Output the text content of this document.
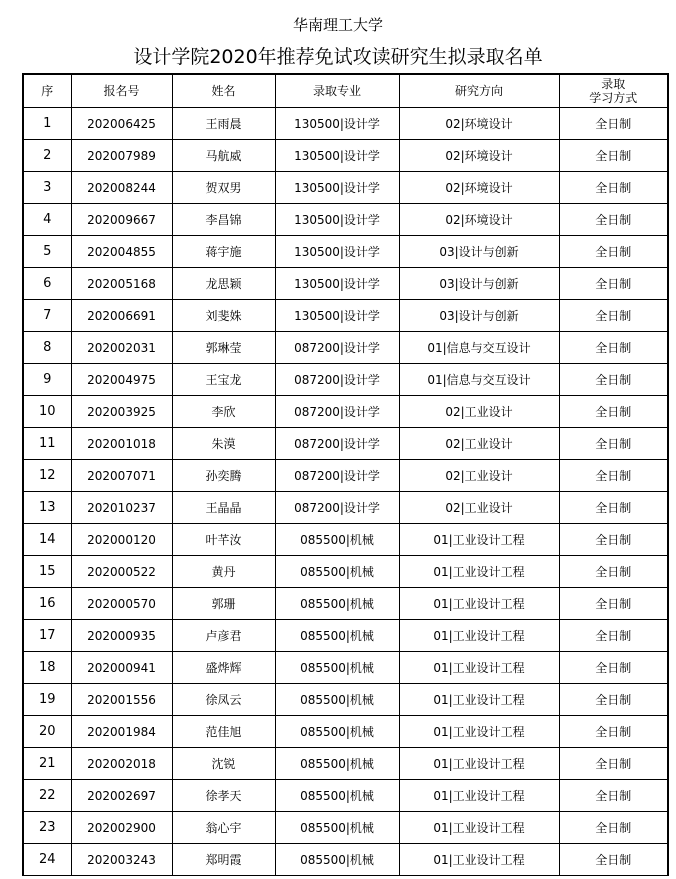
华南理工大学
设计学院2020年推荐免试攻读研究生拟录取名单
序	报名号	姓名	录取专业	研究方向	录取
学习方式

1	202006425	王雨晨	130500|设计学	02|环境设计	全日制
2	202007989	马航威	130500|设计学	02|环境设计	全日制
3	202008244	贺双男	130500|设计学	02|环境设计	全日制
4	202009667	李昌锦	130500|设计学	02|环境设计	全日制
5	202004855	蒋宇施	130500|设计学	03|设计与创新	全日制
6	202005168	龙思颖	130500|设计学	03|设计与创新	全日制
7	202006691	刘斐姝	130500|设计学	03|设计与创新	全日制
8	202002031	郭琳莹	087200|设计学	01|信息与交互设计	全日制
9	202004975	王宝龙	087200|设计学	01|信息与交互设计	全日制
10	202003925	李欣	087200|设计学	02|工业设计	全日制
11	202001018	朱漠	087200|设计学	02|工业设计	全日制
12	202007071	孙奕腾	087200|设计学	02|工业设计	全日制
13	202010237	王晶晶	087200|设计学	02|工业设计	全日制
14	202000120	叶芊汝	085500|机械	01|工业设计工程	全日制
15	202000522	黄丹	085500|机械	01|工业设计工程	全日制
16	202000570	郭珊	085500|机械	01|工业设计工程	全日制
17	202000935	卢彦君	085500|机械	01|工业设计工程	全日制
18	202000941	盛烨辉	085500|机械	01|工业设计工程	全日制
19	202001556	徐凤云	085500|机械	01|工业设计工程	全日制
20	202001984	范佳旭	085500|机械	01|工业设计工程	全日制
21	202002018	沈锐	085500|机械	01|工业设计工程	全日制
22	202002697	徐孝天	085500|机械	01|工业设计工程	全日制
23	202002900	翁心宇	085500|机械	01|工业设计工程	全日制
24	202003243	郑明霞	085500|机械	01|工业设计工程	全日制
